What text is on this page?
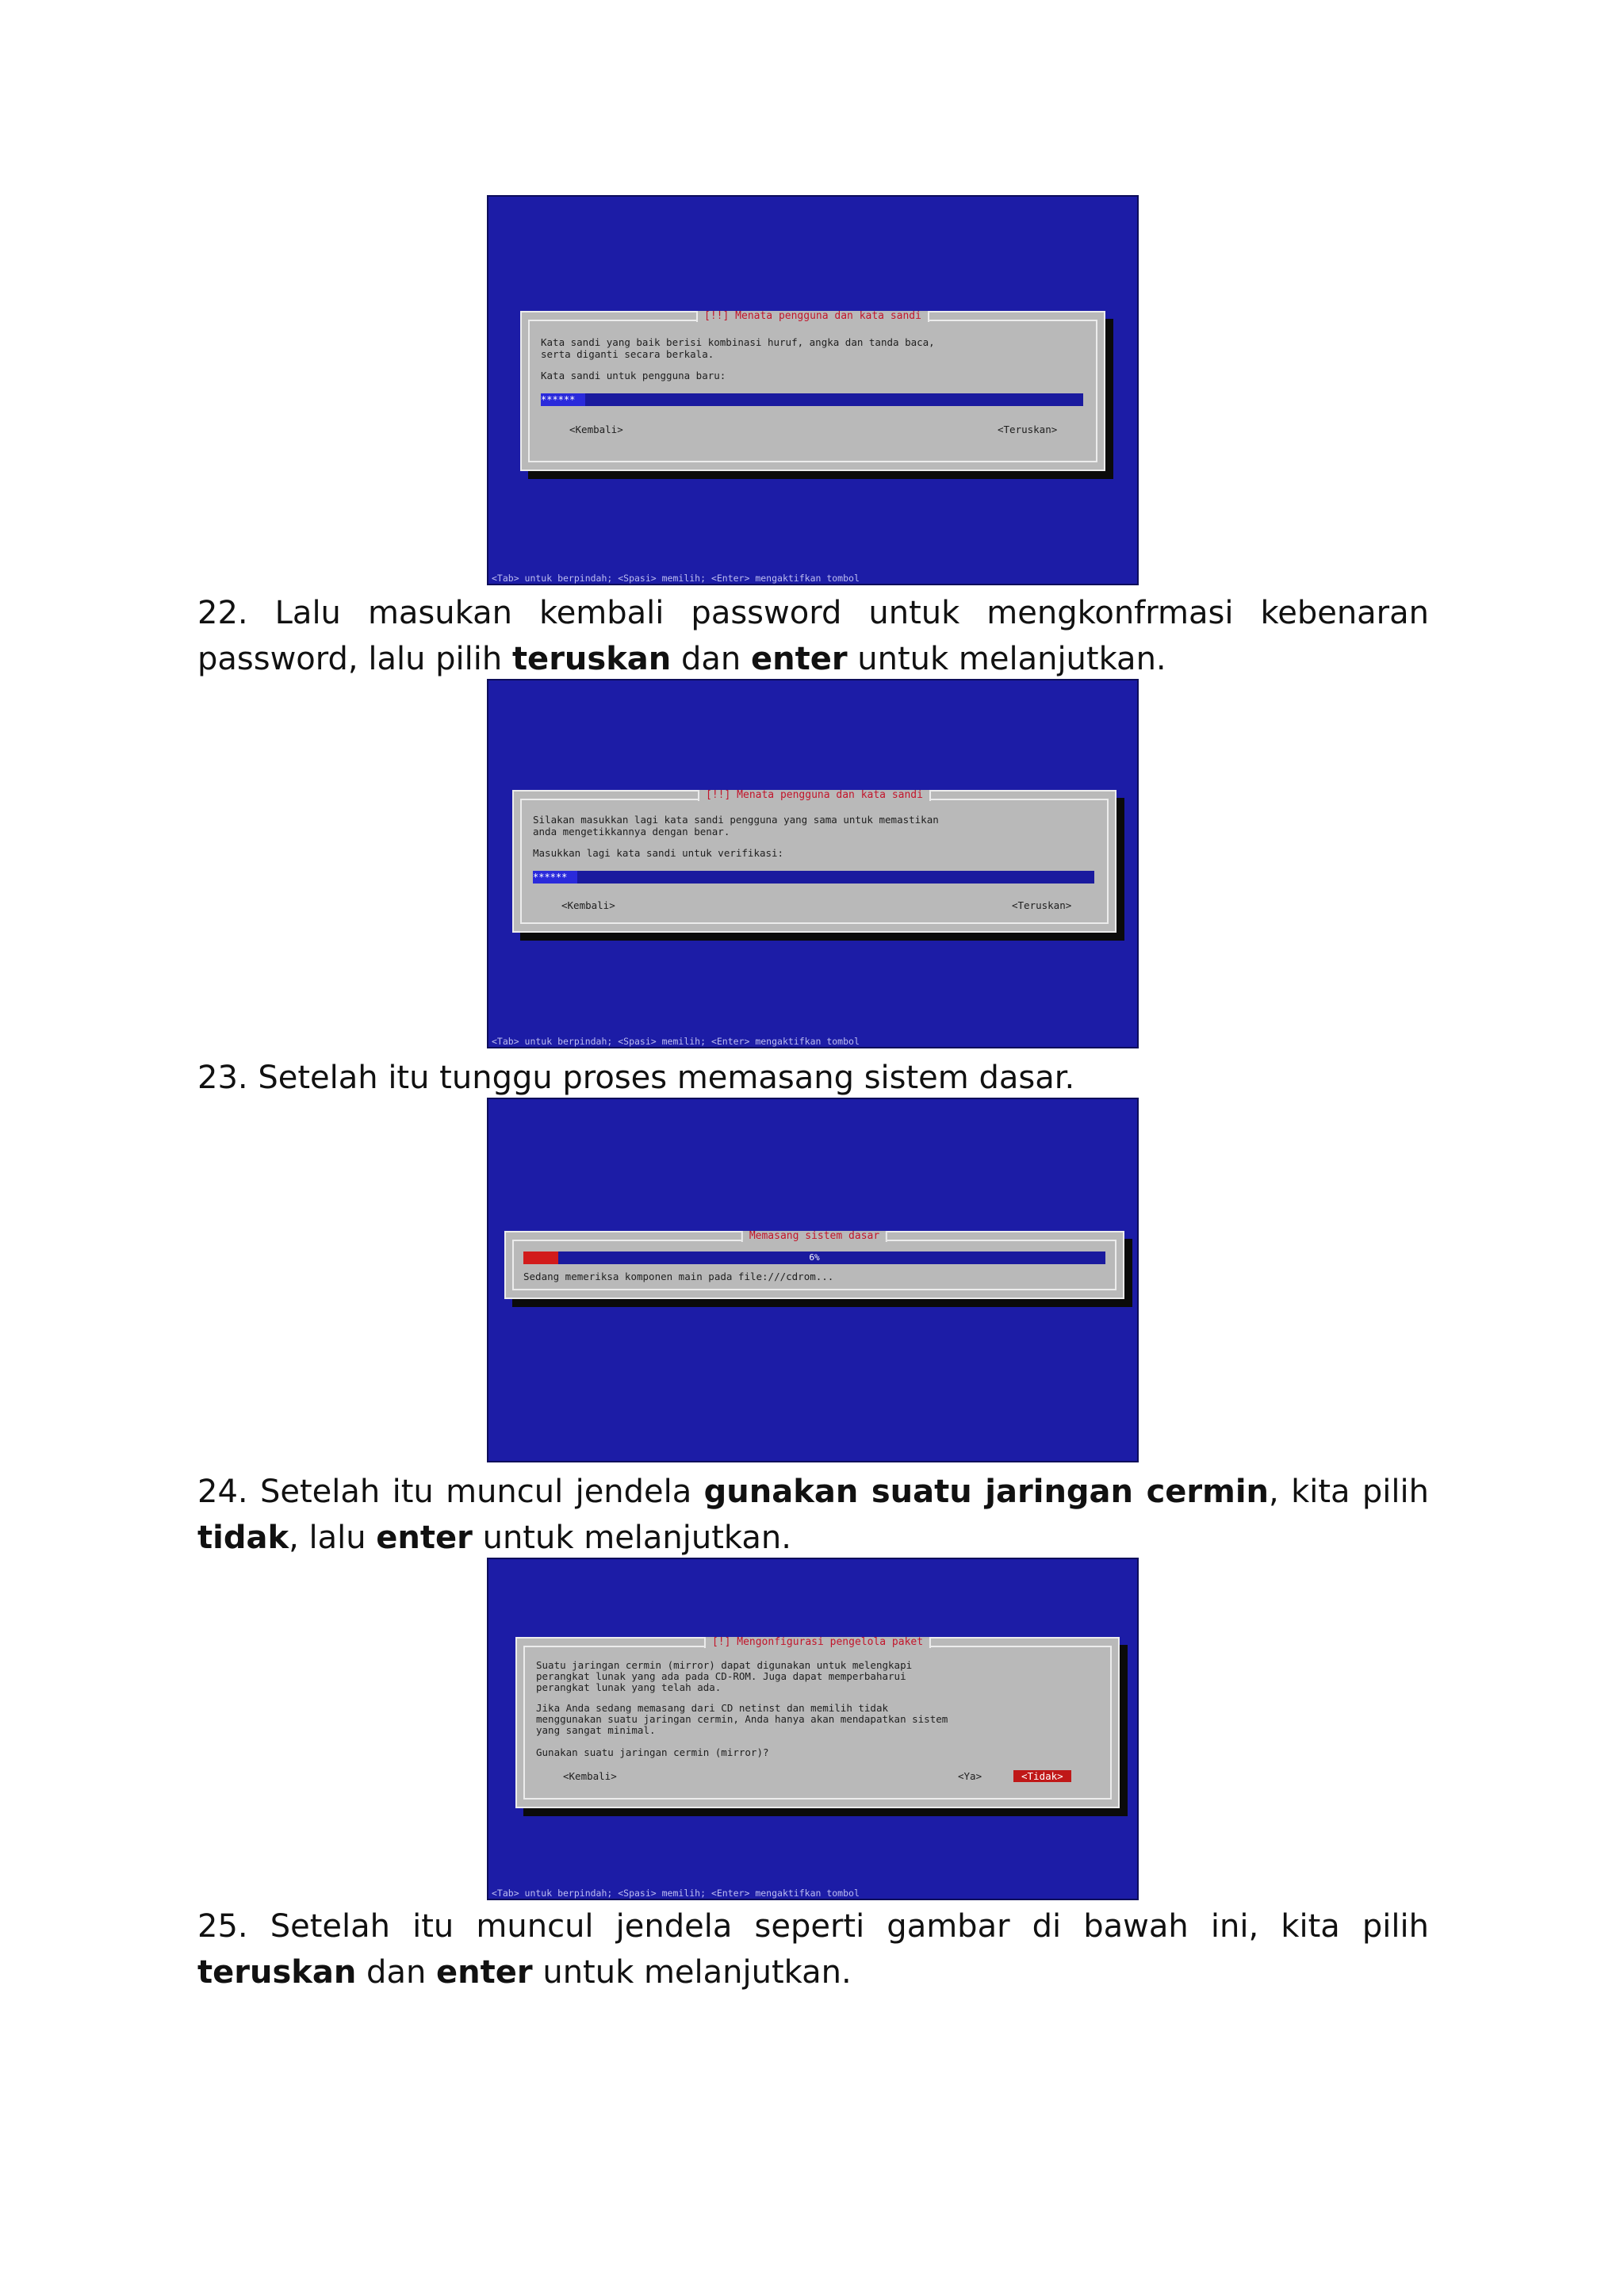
[!!] Menata pengguna dan kata sandi
Kata sandi yang baik berisi kombinasi huruf, angka dan tanda baca,
serta diganti secara berkala.
Kata sandi untuk pengguna baru:
******
<Kembali>	<Teruskan>
<Tab> untuk berpindah; <Spasi> memilih; <Enter> mengaktifkan tombol

22. Lalu masukan kembali password untuk mengkonfrmasi kebenaran password, lalu pilih teruskan dan enter untuk melanjutkan.

[!!] Menata pengguna dan kata sandi
Silakan masukkan lagi kata sandi pengguna yang sama untuk memastikan
anda mengetikkannya dengan benar.
Masukkan lagi kata sandi untuk verifikasi:
******
<Kembali>	<Teruskan>
<Tab> untuk berpindah; <Spasi> memilih; <Enter> mengaktifkan tombol

23. Setelah itu tunggu proses memasang sistem dasar.

Memasang sistem dasar
6%
Sedang memeriksa komponen main pada file:///cdrom...

24. Setelah itu muncul jendela gunakan suatu jaringan cermin, kita pilih tidak, lalu enter untuk melanjutkan.

[!] Mengonfigurasi pengelola paket
Suatu jaringan cermin (mirror) dapat digunakan untuk melengkapi
perangkat lunak yang ada pada CD-ROM. Juga dapat memperbaharui
perangkat lunak yang telah ada.
Jika Anda sedang memasang dari CD netinst dan memilih tidak
menggunakan suatu jaringan cermin, Anda hanya akan mendapatkan sistem
yang sangat minimal.
Gunakan suatu jaringan cermin (mirror)?
<Kembali>	<Ya>	<Tidak>
<Tab> untuk berpindah; <Spasi> memilih; <Enter> mengaktifkan tombol

25. Setelah itu muncul jendela seperti gambar di bawah ini, kita pilih teruskan dan enter untuk melanjutkan.
